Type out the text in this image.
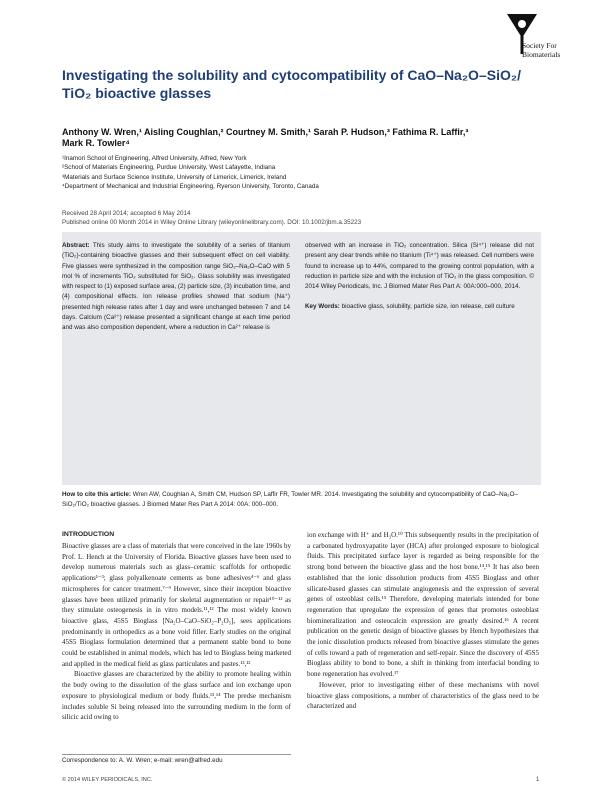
Society For
Biomaterials
Investigating the solubility and cytocompatibility of CaO–Na₂O–SiO₂/
TiO₂ bioactive glasses
Anthony W. Wren,¹ Aisling Coughlan,² Courtney M. Smith,¹ Sarah P. Hudson,³ Fathima R. Laffir,³
Mark R. Towler⁴
¹Inamori School of Engineering, Alfred University, Alfred, New York
²School of Materials Engineering, Purdue University, West Lafayette, Indiana
³Materials and Surface Science Institute, University of Limerick, Limerick, Ireland
⁴Department of Mechanical and Industrial Engineering, Ryerson University, Toronto, Canada
Received 28 April 2014; accepted 6 May 2014
Published online 00 Month 2014 in Wiley Online Library (wileyonlinelibrary.com). DOI: 10.1002/jbm.a.35223
Abstract: This study aims to investigate the solubility of a series of titanium (TiO₂)-containing bioactive glasses and their subsequent effect on cell viability. Five glasses were synthesized in the composition range SiO₂–Na₂O–CaO with 5 mol % of increments TiO₂ substituted for SiO₂. Glass solubility was investigated with respect to (1) exposed surface area, (2) particle size, (3) incubation time, and (4) compositional effects. Ion release profiles showed that sodium (Na⁺) presented high release rates after 1 day and were unchanged between 7 and 14 days. Calcium (Ca²⁺) release presented a significant change at each time period and was also composition dependent, where a reduction in Ca²⁺ release is
observed with an increase in TiO₂ concentration. Silica (Si⁴⁺) release did not present any clear trends while no titanium (Ti⁴⁺) was released. Cell numbers were found to increase up to 44%, compared to the growing control population, with a reduction in particle size and with the inclusion of TiO₂ in the glass composition. © 2014 Wiley Periodicals, Inc. J Biomed Mater Res Part A: 00A:000–000, 2014.
Key Words: bioactive glass, solubility, particle size, ion release, cell culture
How to cite this article: Wren AW, Coughlan A, Smith CM, Hudson SP, Laffir FR, Towler MR. 2014. Investigating the solubility and cytocompatibility of CaO–Na₂O–SiO₂/TiO₂ bioactive glasses. J Biomed Mater Res Part A 2014: 00A: 000–000.
INTRODUCTION
Bioactive glasses are a class of materials that were conceived in the late 1960s by Prof. L. Hench at the University of Florida. Bioactive glasses have been used to develop numerous materials such as glass–ceramic scaffolds for orthopedic applications¹⁻³; glass polyalkenoate cements as bone adhesives⁴⁻⁶ and glass microspheres for cancer treatment.⁷⁻⁹ However, since their inception bioactive glasses have been utilized primarily for skeletal augmentation or repair¹⁰⁻¹² as they stimulate osteogenesis in in vitro models.¹¹,¹² The most widely known bioactive glass, 45S5 Bioglass [Na₂O–CaO–SiO₂–P₂O₅], sees applications predominantly in orthopedics as a bone void filler. Early studies on the original 45S5 Bioglass formulation determined that a permanent stable bond to bone could be established in animal models, which has led to Bioglass being marketed and applied in the medical field as glass particulates and pastes.¹³,¹²
Bioactive glasses are characterized by the ability to promote healing within the body owing to the dissolution of the glass surface and ion exchange upon exposure to physiological medium or body fluids.¹³,¹⁴ The predse mechanism includes soluble Si being released into the surrounding medium in the form of silicic acid owing to
ion exchange with H⁺ and H₃O.¹⁰ This subsequently results in the precipitation of a carbonated hydroxyapatite layer (HCA) after prolonged exposure to biological fluids. This precipitated surface layer is regarded as being responsible for the strong bond between the bioactive glass and the host bone.¹⁴,¹⁵ It has also been established that the ionic dissolution products from 45S5 Bioglass and other silicate-based glasses can stimulate angiogenesis and the expression of several genes of osteoblast cells.¹⁵ Therefore, developing materials intended for bone regeneration that upregulate the expression of genes that promotes osteoblast biomineralization and osteocalcin expression are greatly desired.¹⁶ A recent publication on the genetic design of bioactive glasses by Hench hypothesizes that the ionic dissolution products released from bioactive glasses stimulate the genes of cells toward a path of regeneration and self-repair. Since the discovery of 45S5 Bioglass ability to bond to bone, a shift in thinking from interfacial bonding to bone regeneration has evolved.¹⁷
However, prior to investigating either of these mechanisms with novel bioactive glass compositions, a number of characteristics of the glass need to be characterized and
Correspondence to: A. W. Wren; e-mail: wren@alfred.edu
© 2014 WILEY PERIODICALS, INC.	1
